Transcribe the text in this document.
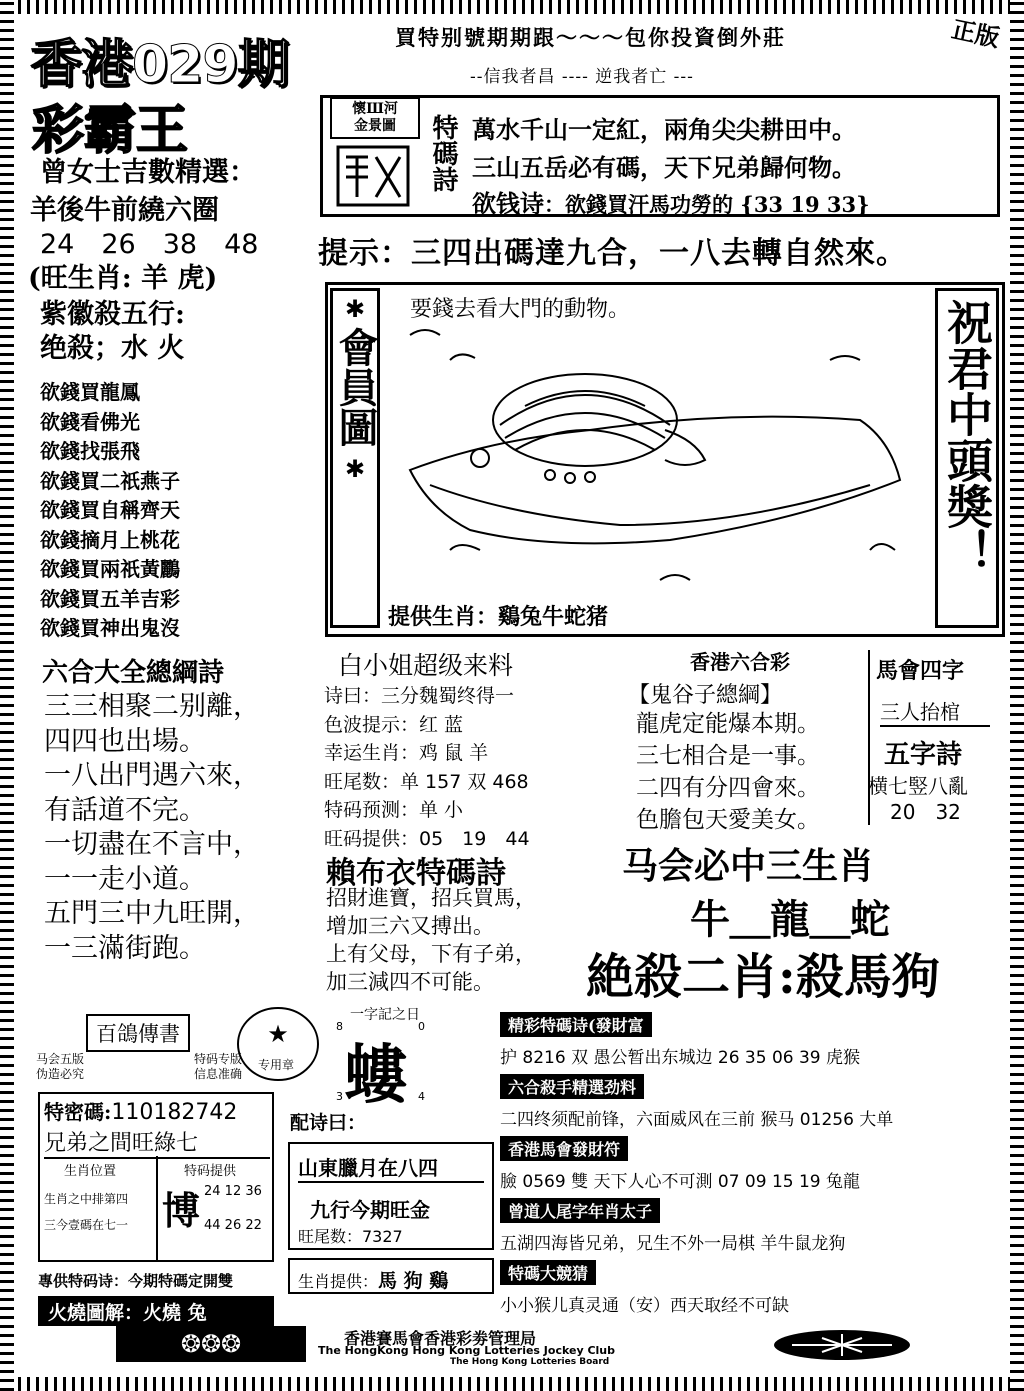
香港029期
彩霸王
買特别號期期跟～～～包你投資倒外莊
--信我者昌 ---- 逆我者亡 ---
正版
曾女士吉數精選：
羊後牛前繞六圈
24　26　38　48
(旺生肖: 羊 虎)
紫徽殺五行:
绝殺；水 火
欲錢買龍鳳
欲錢看佛光
欲錢找張飛
欲錢買二祇燕子
欲錢買自稱齊天
欲錢摘月上桃花
欲錢買兩祇黃鸝
欲錢買五羊吉彩
欲錢買神出鬼沒
懷Ш河
金景圖	特碼詩 萬水千山一定紅，兩角尖尖耕田中。
三山五岳必有碼，天下兄弟歸何物。
欲钱诗：欲錢買汗馬功勞的 {33 19 33}
提示：三四出碼達九合，一八去轉自然來。
✱
會員圖
✱	祝君中頭獎！
要錢去看大門的動物。
提供生肖：鷄兔牛蛇猪
六合大全總綱詩
三三相聚二别離，
四四也出場。
一八出門遇六來，
有話道不完。
一切盡在不言中，
一一走小道。
五門三中九旺開，
一三滿街跑。
白小姐超级来料
诗曰：三分魏蜀终得一
色波提示：红 蓝
幸运生肖：鸡 鼠 羊
旺尾数：单 157 双 468
特码预测：单 小
旺码提供：05　19　44
賴布衣特碼詩
招財進寶，招兵買馬，
增加三六又搏出。
上有父母，下有子弟，
加三減四不可能。
香港六合彩
【鬼谷子總綱】
龍虎定能爆本期。
三七相合是一事。
二四有分四會來。
色膽包天愛美女。
馬會四字
三人抬棺
五字詩
横七竪八亂
20　32
马会必中三生肖
牛＿龍＿蛇
絶殺二肖:殺馬狗
百鴿傳書
马会五版
伪造必究
特码专版
信息准确
★
专用章
特密碼:110182742
兄弟之間旺綠七
生肖位置
生肖之中排第四
三今壹碼在七一
特码提供
博 24 12 36
44 26 22
專供特码诗：今期特碼定開雙
火燒圖解：火燒 兔
一字記之日
8	0
螻
3	4
配诗曰：
山東臘月在八四
九行今期旺金
旺尾数：7327
生肖提供：馬 狗 鷄
精彩特碼诗(發財富
护 8216 双 愚公暂出东城边 26 35 06 39 虎猴
六合殺手精選劲料
二四终须配前锋，六面威风在三前 猴马 01256 大单
香港馬會發財符
臉 0569 雙 天下人心不可測 07 09 15 19 兔龍
曾道人尾字年肖太子
五湖四海皆兄弟，兄生不外一局棋 羊牛鼠龙狗
特碼大競猜
小小猴儿真灵通（安）西天取经不可缺
❂❂❂	香港賽馬會香港彩劵管理局
The HongKong Hong Kong Lotteries Jockey Club
The Hong Kong Lotteries Board
